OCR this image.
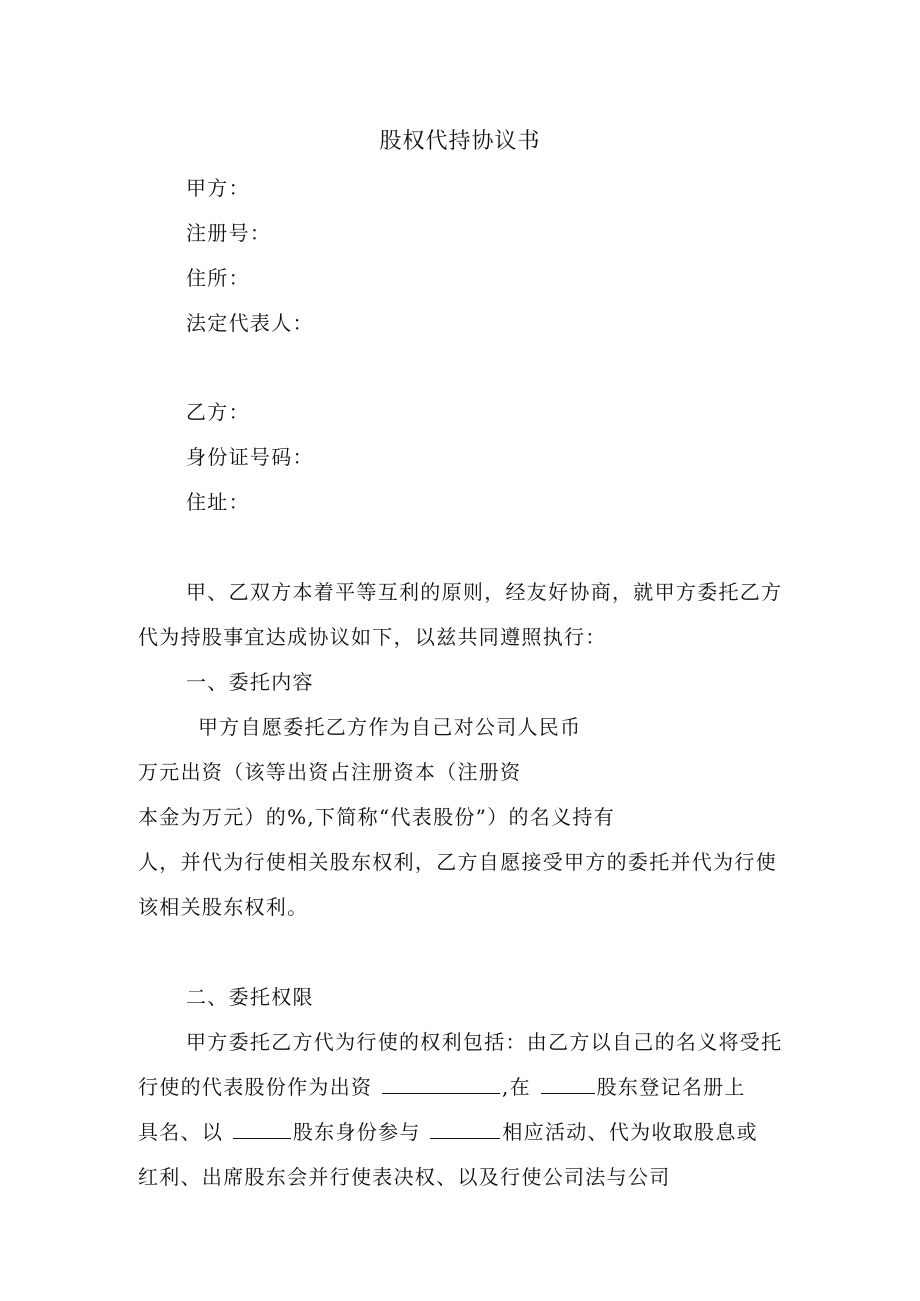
股权代持协议书
甲方：
注册号：
住所：
法定代表人：
乙方：
身份证号码：
住址：
甲、乙双方本着平等互利的原则，经友好协商，就甲方委托乙方
代为持股事宜达成协议如下，以兹共同遵照执行：
一、委托内容
甲方自愿委托乙方作为自己对公司人民币
万元出资（该等出资占注册资本（注册资
本金为万元）的%,下简称“代表股份”）的名义持有
人，并代为行使相关股东权利，乙方自愿接受甲方的委托并代为行使
该相关股东权利。
二、委托权限
甲方委托乙方代为行使的权利包括：由乙方以自己的名义将受托
行使的代表股份作为出资	,在	股东登记名册上
具名、以	股东身份参与	相应活动、代为收取股息或
红利、出席股东会并行使表决权、以及行使公司法与公司
